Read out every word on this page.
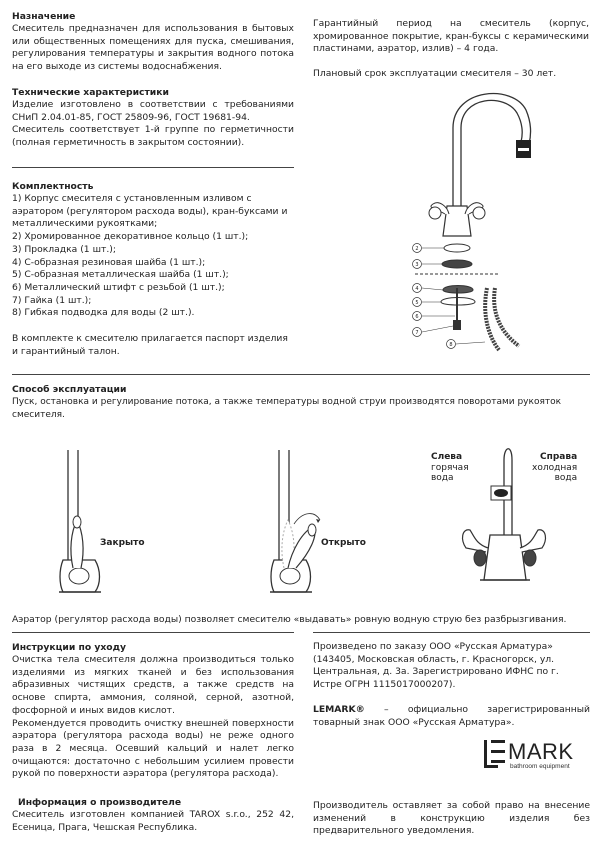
Назначение

Смеситель предназначен для использования в бытовых или общественных помещениях для пуска, смешивания, регулирования температуры и закрытия водного потока на его выходе из системы водоснабжения.

Технические характеристики

Изделие изготовлено в соответствии с требованиями СНиП 2.04.01-85, ГОСТ 25809-96, ГОСТ 19681-94.

Смеситель соответствует 1-й группе по герметичности (полная герметичность в закрытом состоянии).

Гарантийный период на смеситель (корпус, хромированное покрытие, кран-буксы с керамическими пластинами, аэратор, излив) – 4 года.

Плановый срок эксплуатации смесителя – 30 лет.

Комплектность

1) Корпус смесителя с установленным изливом с аэратором (регулятором расхода воды), кран-буксами и металлическими рукоятками;

2) Хромированное декоративное кольцо (1 шт.);

3) Прокладка (1 шт.);

4) С-образная резиновая шайба (1 шт.);

5) С-образная металлическая шайба (1 шт.);

6) Металлический штифт с резьбой (1 шт.);

7) Гайка (1 шт.);

8) Гибкая подводка для воды (2 шт.).

В комплекте к смесителю прилагается паспорт изделия и гарантийный талон.

2
3
4
5
6
7
8

Способ эксплуатации

Пуск, остановка и регулирование потока, а также температуры водной струи производятся поворотами рукояток смесителя.

Закрыто	Открыто
Слева
горячая
вода
Справа
холодная
вода

Аэратор (регулятор расхода воды) позволяет смесителю «выдавать» ровную водную струю без разбрызгивания.

Инструкции по уходу

Очистка тела смесителя должна производиться только изделиями из мягких тканей и без использования абразивных чистящих средств, а также средств на основе спирта, аммония, соляной, серной, азотной, фосфорной и иных видов кислот.

Рекомендуется проводить очистку внешней поверхности аэратора (регулятора расхода воды) не реже одного раза в 2 месяца. Осевший кальций и налет легко очищаются: достаточно с небольшим усилием провести рукой по поверхности аэратора (регулятора расхода).

Информация о производителе

Смеситель изготовлен компанией TAROX s.r.o., 252 42, Есеница, Прага, Чешская Республика.

Произведено по заказу ООО «Русская Арматура» (143405, Московская область, г. Красногорск, ул. Центральная, д. 3а. Зарегистрировано ИФНС по г. Истре ОГРН 1115017000207).

LEMARK® – официально зарегистрированный товарный знак ООО «Русская Арматура».

MARK
bathroom equipment

Производитель оставляет за собой право на внесение изменений в конструкцию изделия без предварительного уведомления.
